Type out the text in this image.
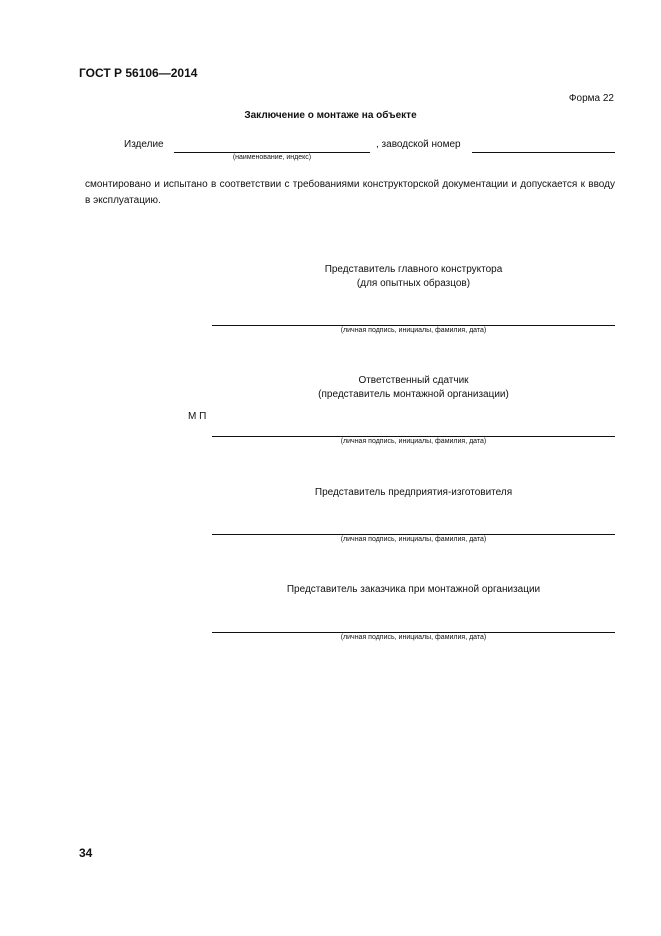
ГОСТ Р 56106—2014
Форма 22
Заключение о монтаже на объекте
Изделие
(наименование, индекс)
, заводской номер
смонтировано и испытано в соответствии с требованиями конструкторской документации и допускается к вводу в эксплуатацию.
Представитель главного конструктора
(для опытных образцов)
(личная подпись, инициалы, фамилия, дата)
Ответственный сдатчик
(представитель монтажной организации)
М П
(личная подпись, инициалы, фамилия, дата)
Представитель предприятия-изготовителя
(личная подпись, инициалы, фамилия, дата)
Представитель заказчика при монтажной организации
(личная подпись, инициалы, фамилия, дата)
34
